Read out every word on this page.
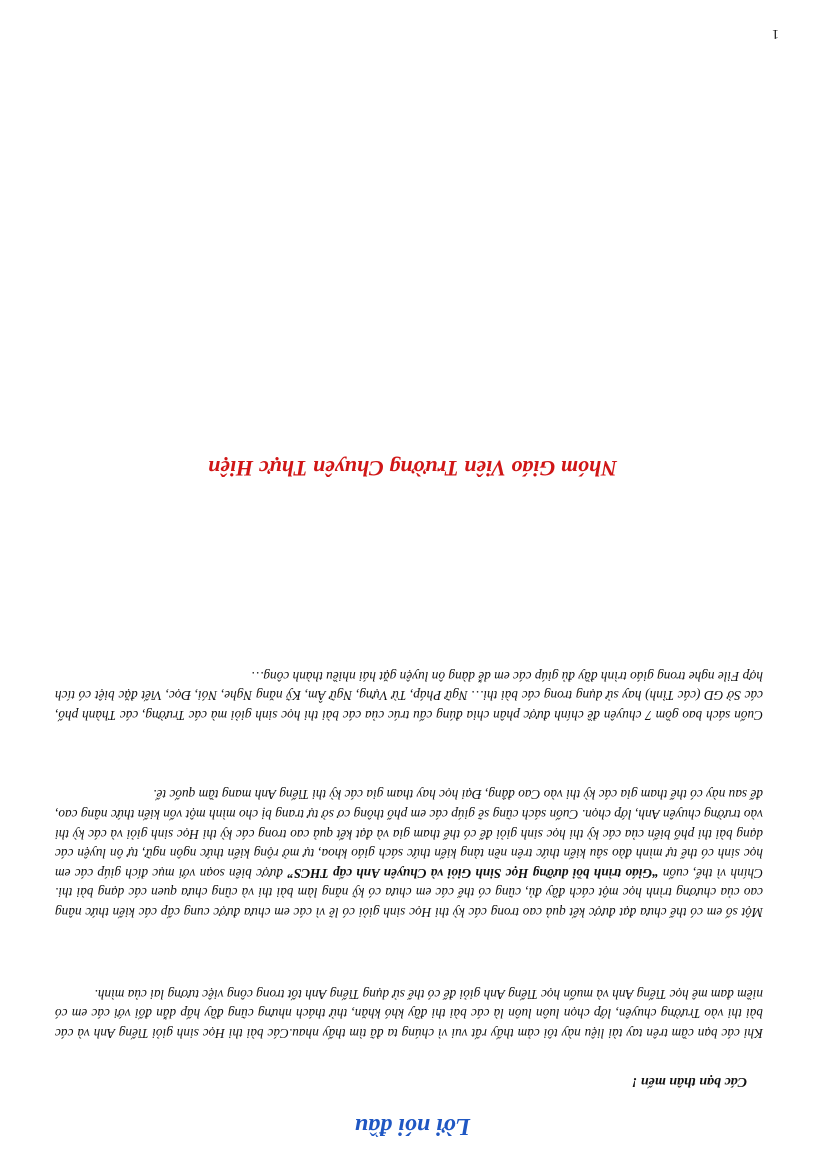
Lời nói đầu
Các bạn thân mến !

Khi các bạn cầm trên tay tài liệu này tôi cảm thấy rất vui vì chúng ta đã tìm thấy nhau.Các bài thi Học sinh giỏi Tiếng Anh và các bài thi vào Trường chuyên, lớp chọn luôn luôn là các bài thi đầy khó khăn, thử thách nhưng cũng đầy hấp dẫn đối với các em có niềm đam mê học Tiếng Anh và muốn học Tiếng Anh giỏi để có thể sử dụng Tiếng Anh tốt trong công việc tương lai của mình.

Một số em có thể chưa đạt được kết quả cao trong các kỳ thi Học sinh giỏi có lẽ vì các em chưa được cung cấp các kiến thức nâng cao của chương trình học một cách đầy đủ, cũng có thể các em chưa có kỹ năng làm bài thi và cũng chưa quen các dạng bài thi. Chính vì thế, cuốn “Giáo trình bồi dưỡng Học Sinh Giỏi và Chuyên Anh cấp THCS” được biên soạn với mục đích giúp các em học sinh có thể tự mình đào sâu kiến thức trên nền tảng kiến thức sách giáo khoa, tự mở rộng kiến thức ngôn ngữ, tự ôn luyện các dạng bài thi phổ biến của các kỳ thi học sinh giỏi để có thể tham gia và đạt kết quả cao trong các kỳ thi Học sinh giỏi và các kỳ thi vào trường chuyên Anh, lớp chọn. Cuốn sách cũng sẽ giúp các em phổ thông cơ sở tự trang bị cho mình một vốn kiến thức nâng cao, để sau này có thể tham gia các kỳ thi vào Cao đẳng, Đại học hay tham gia các kỳ thi Tiếng Anh mang tầm quốc tế.

Cuốn sách bao gồm 7 chuyên đề chính được phân chia đúng cấu trúc của các bài thi học sinh giỏi mà các Trường, các Thành phố, các Sở GD (các Tỉnh) hay sử dụng trong các bài thi… Ngữ Pháp, Từ Vựng, Ngữ Âm, Kỹ năng Nghe, Nói, Đọc, Viết đặc biệt có tích hợp File nghe trong giáo trình đầy đủ giúp các em dễ dàng ôn luyện gặt hái nhiều thành công…

Nhóm Giáo Viên Trường Chuyên Thực Hiện
1
